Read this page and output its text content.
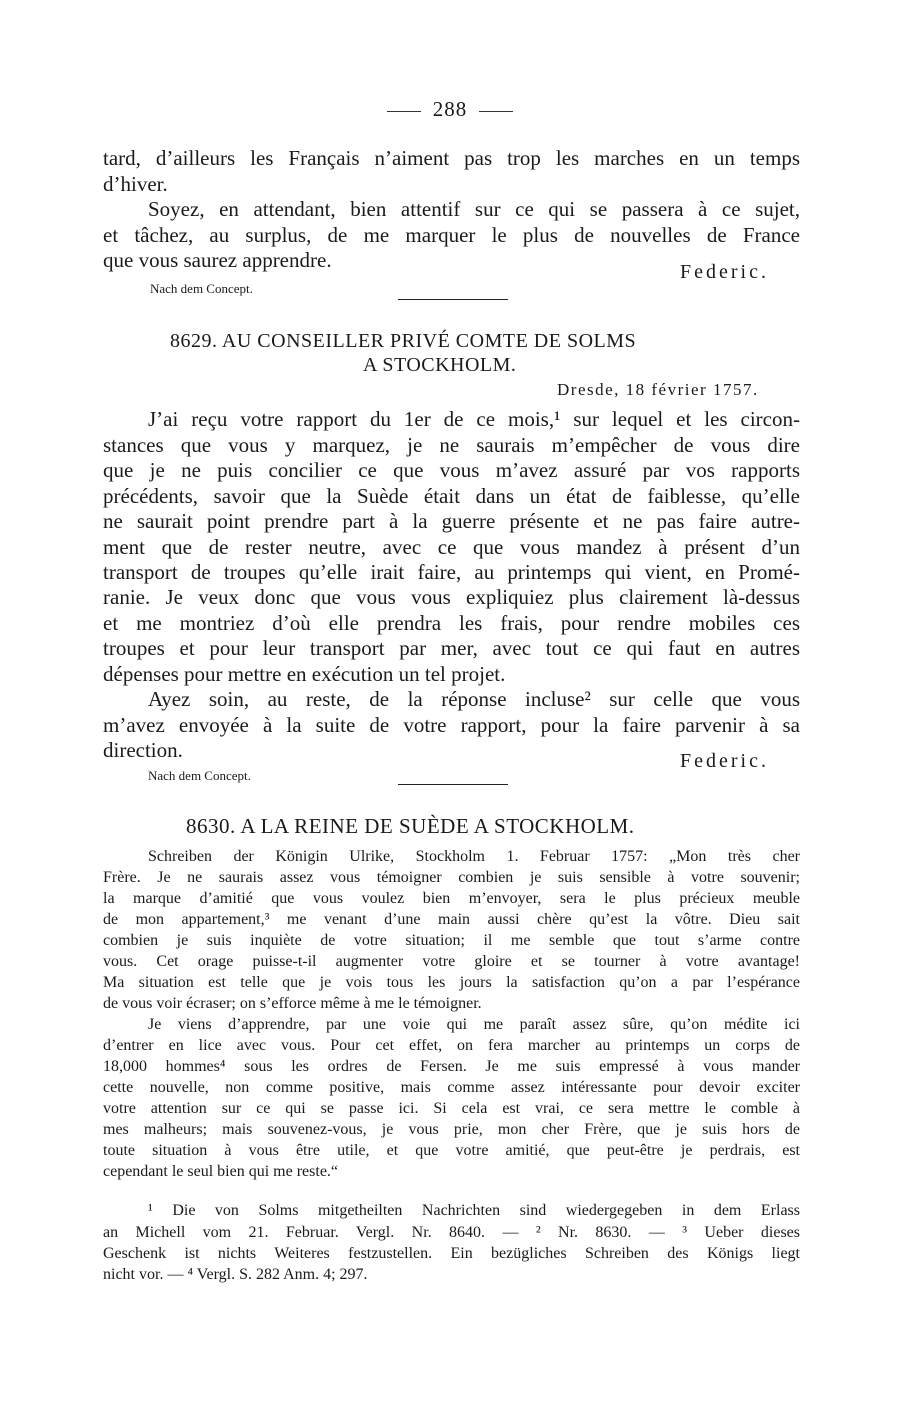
288
tard, d’ailleurs les Français n’aiment pas trop les marches en un temps
d’hiver.
Soyez, en attendant, bien attentif sur ce qui se passera à ce sujet,
et tâchez, au surplus, de me marquer le plus de nouvelles de France
que vous saurez apprendre.	Federic.
Nach dem Concept.
8629. AU CONSEILLER PRIVÉ COMTE DE SOLMS
A STOCKHOLM.
Dresde, 18 février 1757.
J’ai reçu votre rapport du 1er de ce mois,¹ sur lequel et les circon-
stances que vous y marquez, je ne saurais m’empêcher de vous dire
que je ne puis concilier ce que vous m’avez assuré par vos rapports
précédents, savoir que la Suède était dans un état de faiblesse, qu’elle
ne saurait point prendre part à la guerre présente et ne pas faire autre-
ment que de rester neutre, avec ce que vous mandez à présent d’un
transport de troupes qu’elle irait faire, au printemps qui vient, en Promé-
ranie. Je veux donc que vous vous expliquiez plus clairement là-dessus
et me montriez d’où elle prendra les frais, pour rendre mobiles ces
troupes et pour leur transport par mer, avec tout ce qui faut en autres
dépenses pour mettre en exécution un tel projet.
Ayez soin, au reste, de la réponse incluse² sur celle que vous
m’avez envoyée à la suite de votre rapport, pour la faire parvenir à sa
direction.	Federic.
Nach dem Concept.
8630. A LA REINE DE SUÈDE A STOCKHOLM.
Schreiben der Königin Ulrike, Stockholm 1. Februar 1757: „Mon très cher
Frère. Je ne saurais assez vous témoigner combien je suis sensible à votre souvenir;
la marque d’amitié que vous voulez bien m’envoyer, sera le plus précieux meuble
de mon appartement,³ me venant d’une main aussi chère qu’est la vôtre. Dieu sait
combien je suis inquiète de votre situation; il me semble que tout s’arme contre
vous. Cet orage puisse-t-il augmenter votre gloire et se tourner à votre avantage!
Ma situation est telle que je vois tous les jours la satisfaction qu’on a par l’espérance
de vous voir écraser; on s’efforce même à me le témoigner.
Je viens d’apprendre, par une voie qui me paraît assez sûre, qu’on médite ici
d’entrer en lice avec vous. Pour cet effet, on fera marcher au printemps un corps de
18,000 hommes⁴ sous les ordres de Fersen. Je me suis empressé à vous mander
cette nouvelle, non comme positive, mais comme assez intéressante pour devoir exciter
votre attention sur ce qui se passe ici. Si cela est vrai, ce sera mettre le comble à
mes malheurs; mais souvenez-vous, je vous prie, mon cher Frère, que je suis hors de
toute situation à vous être utile, et que votre amitié, que peut-être je perdrais, est
cependant le seul bien qui me reste.“
¹ Die von Solms mitgetheilten Nachrichten sind wiedergegeben in dem Erlass
an Michell vom 21. Februar. Vergl. Nr. 8640. — ² Nr. 8630. — ³ Ueber dieses
Geschenk ist nichts Weiteres festzustellen. Ein bezügliches Schreiben des Königs liegt
nicht vor. — ⁴ Vergl. S. 282 Anm. 4; 297.
